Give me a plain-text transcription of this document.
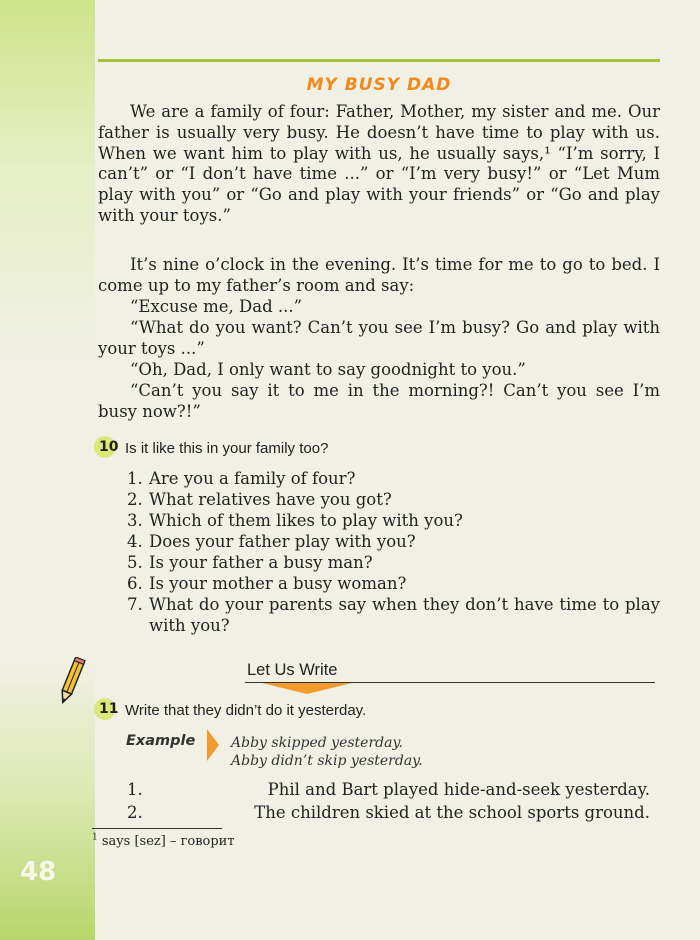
MY BUSY DAD

We are a family of four: Father, Mother, my sister and me. Our father is usually very busy. He doesn’t have time to play with us. When we want him to play with us, he usually says,¹ “I’m sorry, I can’t” or “I don’t have time ...” or “I’m very busy!” or “Let Mum play with you” or “Go and play with your friends” or “Go and play with your toys.”

It’s nine o’clock in the evening. It’s time for me to go to bed. I come up to my father’s room and say:

“Excuse me, Dad ...”

“What do you want? Can’t you see I’m busy? Go and play with your toys ...”

“Oh, Dad, I only want to say goodnight to you.”

“Can’t you say it to me in the morning?! Can’t you see I’m busy now?!”

10 Is it like this in your family too?
1. Are you a family of four?
2. What relatives have you got?
3. Which of them likes to play with you?
4. Does your father play with you?
5. Is your father a busy man?
6. Is your mother a busy woman?
7. What do your parents say when they don’t have time to play with you?
Let Us Write
11 Write that they didn’t do it yesterday.
Example	Abby skipped yesterday.
Abby didn’t skip yesterday.
1.	Phil and Bart played hide-and-seek yesterday.
2.	The children skied at the school sports ground.
$^1$ says [sez] – говорит
48
